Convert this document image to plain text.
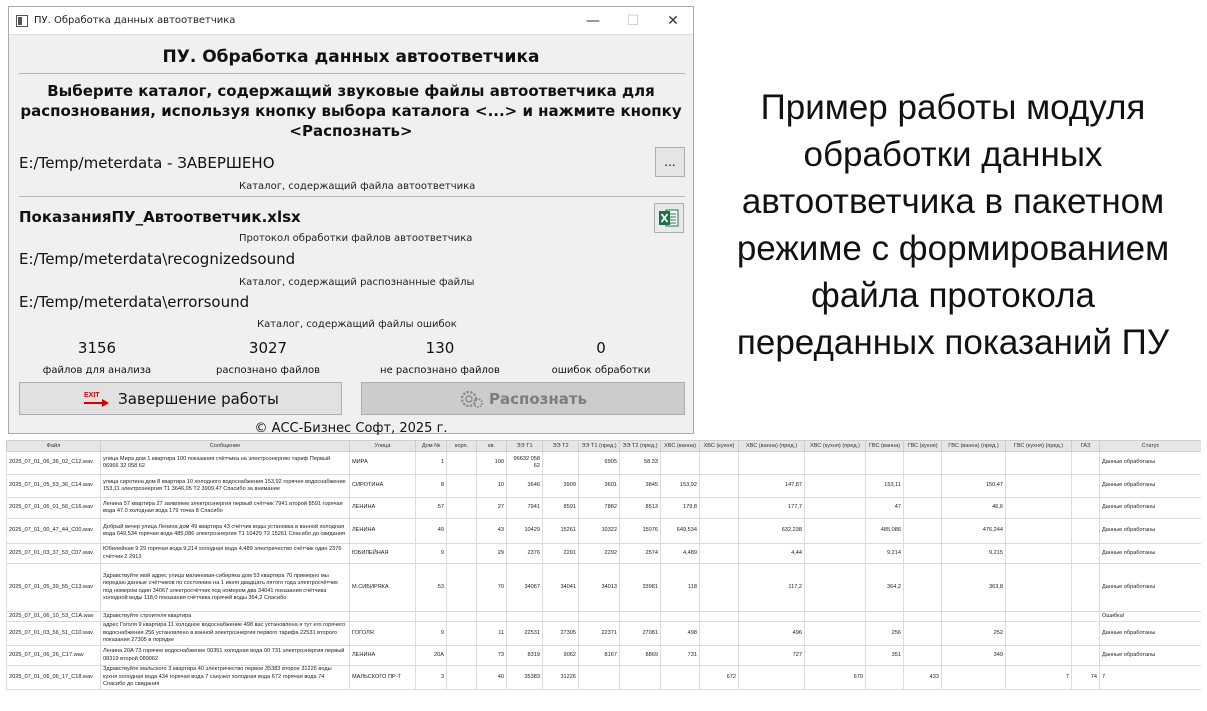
ПУ. Обработка данных автоответчика	—	☐	✕
ПУ. Обработка данных автоответчика
Выберите каталог, содержащий звуковые файлы автоответчика для распознования, используя кнопку выбора каталога <...> и нажмите кнопку <Распознать>
E:/Temp/meterdata - ЗАВЕРШЕНО
Каталог, содержащий файла автоответчика
...
ПоказанияПУ_Автоответчик.xlsx
Протокол обработки файлов автоответчика
E:/Temp/meterdata\recognizedsound
Каталог, содержащий распознанные файлы
E:/Temp/meterdata\errorsound
Каталог, содержащий файлы ошибок
3156	3027	130	0
файлов для анализа	распознано файлов	не распознано файлов	ошибок обработки
EXIT Завершение работы	Распознать
© АСС-Бизнес Софт, 2025 г.
Пример работы модуля
обработки данных
автоответчика в пакетном
режиме с формированием
файла протокола
переданных показаний ПУ
Файл	Сообщение	Улица	Дом №	корп.	кв.	ЭЭ Т1	ЭЭ Т2	ЭЭ Т1 (пред.)	ЭЭ Т2 (пред.)	ХВС (ванна)	ХВС (кухня)	ХВС (ванна) (пред.)	ХВС (кухня) (пред.)	ГВС (ванна)	ГВС (кухня)	ГВС (ванна) (пред.)	ГВС (кухня) (пред.)	ГАЗ	Статус	
2025_07_01_06_36_02_C12.wav	улица Мира дом 1 квартира 100 показания счётчика на электроэнергию тариф Первый 06966 32 058 62	МИРА	1		100	96632 058 62		6905	58.33										Данные обработаны	
2025_07_01_05_53_36_C14.wav	улица сиротина дом 8 квартира 10 холодного водоснабжения 153,92 горячее водоснабжение 153,11 электроэнергия Т1 3646,05 Т2 3909,47 Спасибо за внимание	СИРОТИНА	8		10	3646	3909	3601	3845	153,92		147,87		153,11		150,47			Данные обработаны	
2025_07_01_06_01_56_C16.wav	Ленина 57 квартира 27 заявляем электроэнергия первый счётчик 7941 второй 8591 горячая вода 47.0 холодная вода 179 точка 8 Спасибо	ЛЕНИНА	57		27	7941	8591	7882	8513	179,8		177,7		47		46,6			Данные обработаны	
2025_07_01_00_47_44_C00.wav	Добрый вечер улица Ленина дом 49 квартира 43 счётчик воды установка в ванной холодная вода 649,534 горячая вода 485,086 электроэнергия Т1 10429 Т2 15261 Спасибо до свидания	ЛЕНИНА	49		43	10429	15261	10322	15076	649,534		632,238		485,086		476,244			Данные обработаны	
2025_07_01_03_37_53_C07.wav	Юбилейная 9 29 горячая вода 9,214 холодная вода 4,489 электричество счётчик один 2376 счётчик 2 2913	ЮБИЛЕЙНАЯ	9		29	2376	2291	2292	2574	4,489		4,44		9,214		9,215			Данные обработаны	
2025_07_01_05_39_55_C13.wav	Здравствуйте мой адрес улица малиновая-сибиряка дом 53 квартира 70 примерно мы передаю данные счётчиков по состоянию на 1 июля двадцать пятого года электросчётчик под номером один 34067 электросчётчик под номером два 34041 показания счётчика холодной воды 118,0 показания счётчика горячей воды 364,2 Спасибо	М.СИБИРЯКА	53		70	34067	34041	34013	33981	118		117,2		364,2		363,8			Данные обработаны	
2025_07_01_06_10_53_C1A.wav	Здравствуйте строителя квартира																		Ошибка!	
2025_07_01_03_56_51_C10.wav	адрес Гоголя 9 квартира 11 холодное водоснабжение 498 вас установлена я тут его горячего водоснабжения 256 установлено в ванной электроэнергия первого тарифа 22531 второго показания 27305 в порядке	ГОГОЛЯ	9		11	22531	27305	22371	27081	498		496		256		252			Данные обработаны	
2025_07_01_06_26_C17.wav	Ленина 20А 73 горячее водоснабжение 00351 холодная вода 00 731 электроэнергия первый 08319 второй 089062	ЛЕНИНА	20А		73	8319	9062	8167	8869	731		727		351		349			Данные обработаны	
2025_07_01_06_06_17_C18.wav	Здравствуйте мальского 3 квартира 40 электричество первое 35383 второе 31226 воды кухня холодная вода 434 горячая вода 7 санузел холодная вода 672 горячая вода 74 Спасибо до свидания	МАЛЬСКОГО ПР-Т	3		40	35383	31226				672		670		433		7	74	7	
